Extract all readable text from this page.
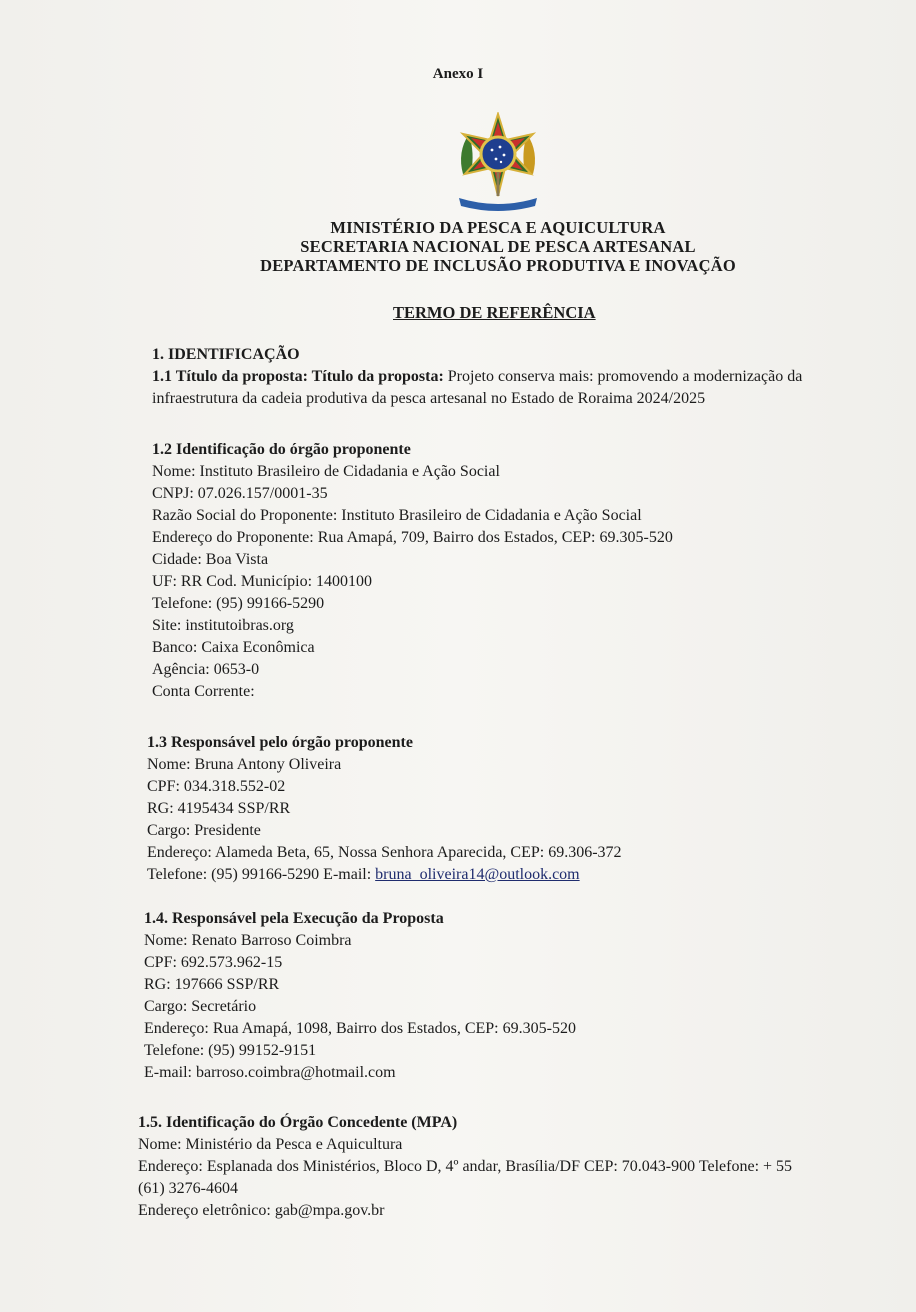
Anexo I
MINISTÉRIO DA PESCA E AQUICULTURA
SECRETARIA NACIONAL DE PESCA ARTESANAL
DEPARTAMENTO DE INCLUSÃO PRODUTIVA E INOVAÇÃO
TERMO DE REFERÊNCIA
1. IDENTIFICAÇÃO
1.1 Título da proposta: Título da proposta: Projeto conserva mais: promovendo a modernização da
infraestrutura da cadeia produtiva da pesca artesanal no Estado de Roraima 2024/2025
1.2 Identificação do órgão proponente
Nome: Instituto Brasileiro de Cidadania e Ação Social
CNPJ: 07.026.157/0001-35
Razão Social do Proponente: Instituto Brasileiro de Cidadania e Ação Social
Endereço do Proponente: Rua Amapá, 709, Bairro dos Estados, CEP: 69.305-520
Cidade: Boa Vista
UF: RR Cod. Município: 1400100
Telefone: (95) 99166-5290
Site: institutoibras.org
Banco: Caixa Econômica
Agência: 0653-0
Conta Corrente:
1.3 Responsável pelo órgão proponente
Nome: Bruna Antony Oliveira
CPF: 034.318.552-02
RG: 4195434 SSP/RR
Cargo: Presidente
Endereço: Alameda Beta, 65, Nossa Senhora Aparecida, CEP: 69.306-372
Telefone: (95) 99166-5290 E-mail: bruna_oliveira14@outlook.com
1.4. Responsável pela Execução da Proposta
Nome: Renato Barroso Coimbra
CPF: 692.573.962-15
RG: 197666 SSP/RR
Cargo: Secretário
Endereço: Rua Amapá, 1098, Bairro dos Estados, CEP: 69.305-520
Telefone: (95) 99152-9151
E-mail: barroso.coimbra@hotmail.com
1.5. Identificação do Órgão Concedente (MPA)
Nome: Ministério da Pesca e Aquicultura
Endereço: Esplanada dos Ministérios, Bloco D, 4º andar, Brasília/DF CEP: 70.043-900 Telefone: + 55
(61) 3276-4604
Endereço eletrônico: gab@mpa.gov.br
